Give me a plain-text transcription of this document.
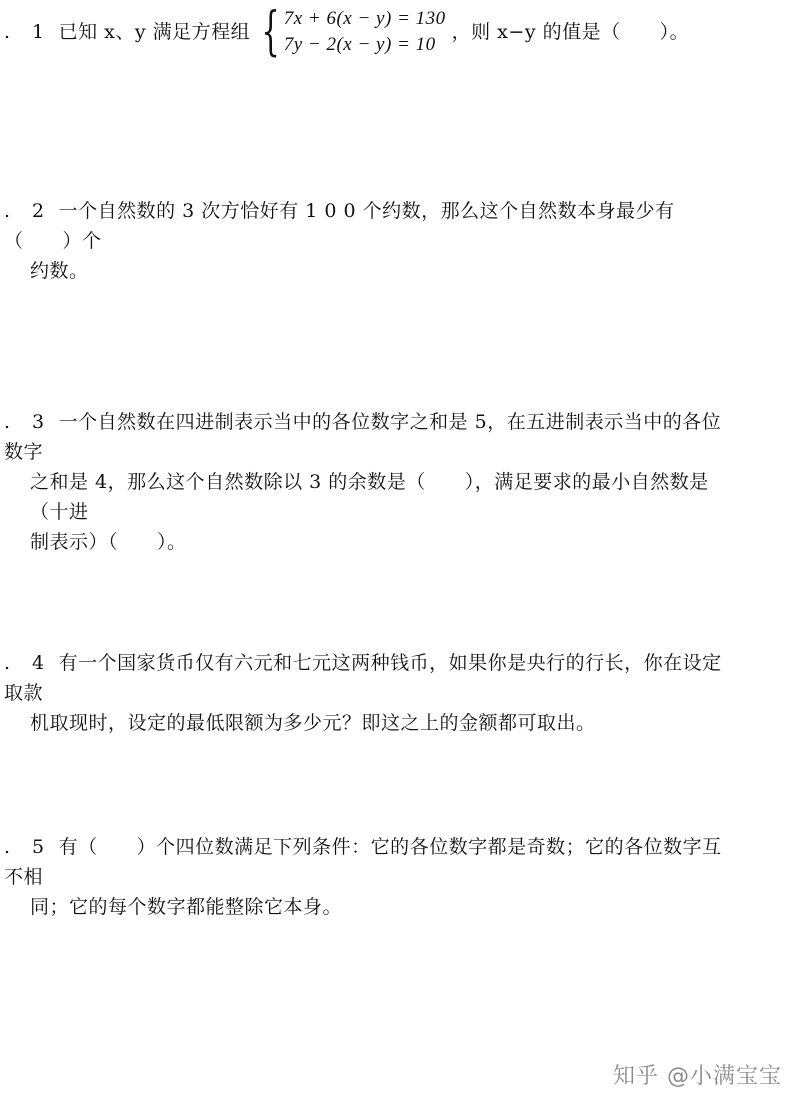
. 1 已知 x、y 满足方程组 { 7x + 6(x − y) = 130
7y − 2(x − y) = 10
，则 x−y 的值是（　　）。
. 2 一个自然数的 3 次方恰好有 1 0 0 个约数，那么这个自然数本身最少有（　　）个
约数。
. 3 一个自然数在四进制表示当中的各位数字之和是 5，在五进制表示当中的各位数字
之和是 4，那么这个自然数除以 3 的余数是（　　），满足要求的最小自然数是（十进
制表示）（　　）。
. 4 有一个国家货币仅有六元和七元这两种钱币，如果你是央行的行长，你在设定取款
机取现时，设定的最低限额为多少元？即这之上的金额都可取出。
. 5 有（　　）个四位数满足下列条件：它的各位数字都是奇数；它的各位数字互不相
同；它的每个数字都能整除它本身。
知乎 @小满宝宝
